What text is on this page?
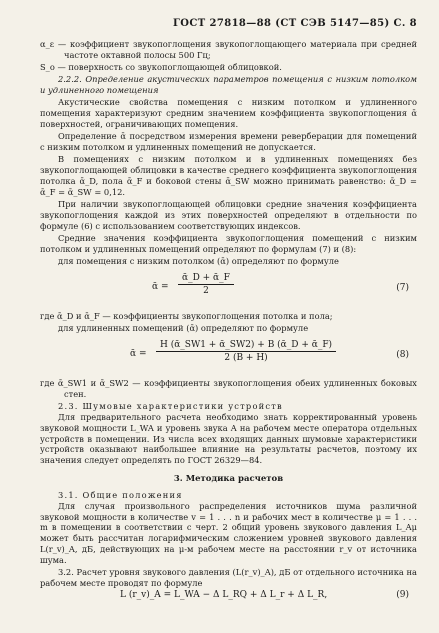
ГОСТ 27818—88 (СТ СЭВ 5147—85) С. 8

α_ε — коэффициент звукопоглощения звукопоглощающего материала при средней частоте октавной полосы 500 Гц;

S_o — поверхность со звукопоглощающей облицовкой.

2.2.2. Определение акустических параметров помещения с низким потолком и удлиненного помещения

Акустические свойства помещения с низким потолком и удлиненного помещения характеризуют средним значением коэффициента звукопоглощения ᾱ поверхностей, ограничивающих помещения.

Определение ᾱ посредством измерения времени реверберации для помещений с низким потолком и удлиненных помещений не допускается.

В помещениях с низким потолком и в удлиненных помещениях без звукопоглощающей облицовки в качестве среднего коэффициента звукопоглощения потолка ᾱ_D, пола ᾱ_F и боковой стены ᾱ_SW можно принимать равенство: ᾱ_D = ᾱ_F = ᾱ_SW = 0,12.

При наличии звукопоглощающей облицовки средние значения коэффициента звукопоглощения каждой из этих поверхностей определяют в отдельности по формуле (6) с использованием соответствующих индексов.

Средние значения коэффициента звукопоглощения помещений с низким потолком и удлиненных помещений определяют по формулам (7) и (8):

для помещения с низким потолком (ᾱ) определяют по формуле

ᾱ = $\frac{\text{ᾱ\_D + ᾱ\_F}}{2}$	(7)

где ᾱ_D и ᾱ_F — коэффициенты звукопоглощения потолка и пола;

для удлиненных помещений (ᾱ) определяют по формуле

ᾱ = $\frac{\text{H (ᾱ\_SW1 + ᾱ\_SW2) + B (ᾱ\_D + ᾱ\_F)}}{2 (B + H)}$	(8)

где ᾱ_SW1 и ᾱ_SW2 — коэффициенты звукопоглощения обеих удлиненных боковых стен.

2.3. Шумовые характеристики устройств

Для предварительного расчета необходимо знать корректированный уровень звуковой мощности L_WA и уровень звука A на рабочем месте оператора отдельных устройств в помещении. Из числа всех входящих данных шумовые характеристики устройств оказывают наибольшее влияние на результаты расчетов, поэтому их значения следует определять по ГОСТ 26329—84.

3. Методика расчетов

3.1. Общие положения

Для случая произвольного распределения источников шума различной звуковой мощности в количестве v = 1 . . . n и рабочих мест в количестве μ = 1 . . . m в помещении в соответствии с черт. 2 общий уровень звукового давления L_Aμ может быть рассчитан логарифмическим сложением уровней звукового давления L(r_v)_A, дБ, действующих на μ-м рабочем месте на расстоянии r_v от источника шума.

3.2. Расчет уровня звукового давления (L(r_v)_A), дБ от отдельного источника на рабочем месте проводят по формуле

L (r_v)_A = L_WA − Δ L_RQ + Δ L_r + Δ L_R,	(9)
